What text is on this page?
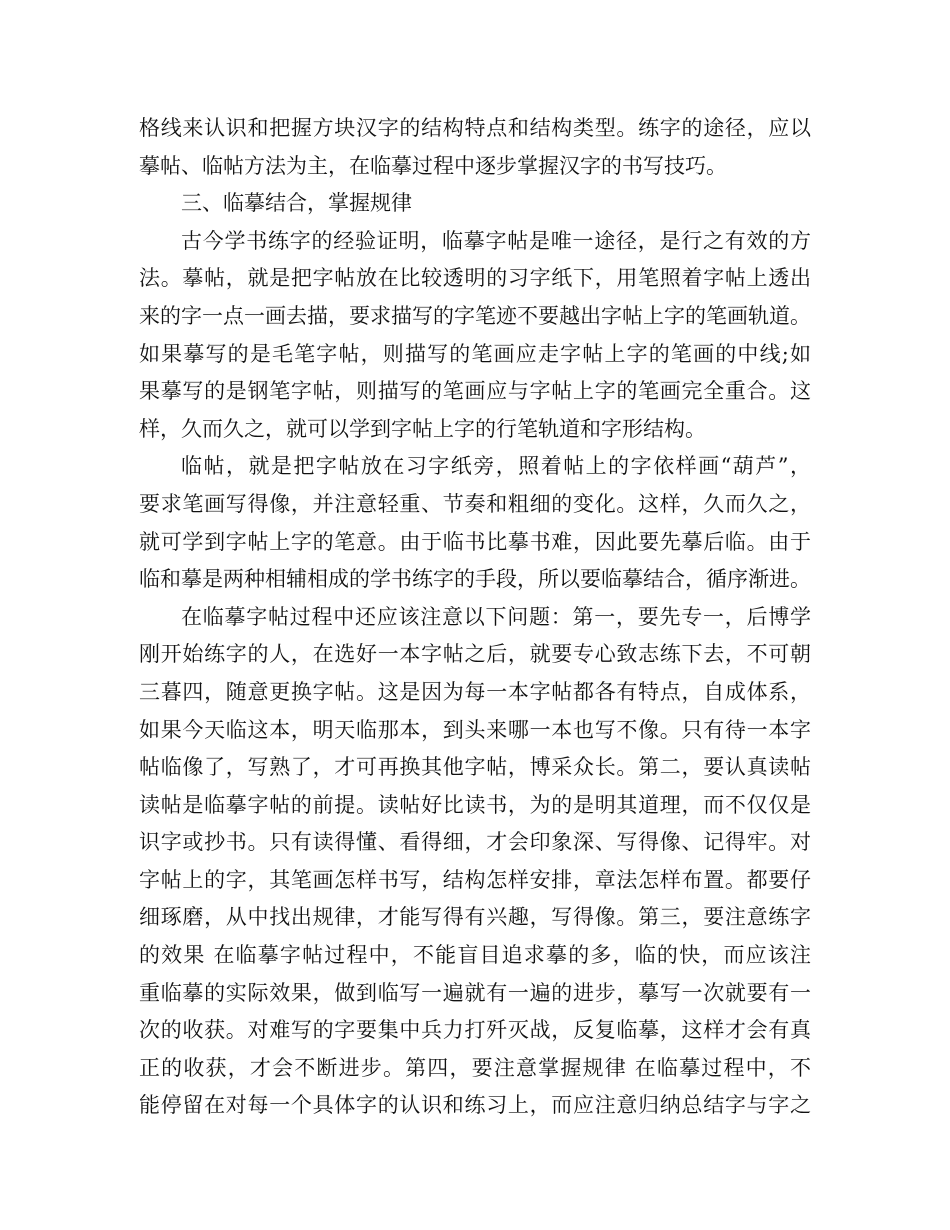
格线来认识和把握方块汉字的结构特点和结构类型。练字的途径，应以
摹帖、临帖方法为主，在临摹过程中逐步掌握汉字的书写技巧。
三、临摹结合，掌握规律
古今学书练字的经验证明，临摹字帖是唯一途径，是行之有效的方
法。摹帖，就是把字帖放在比较透明的习字纸下，用笔照着字帖上透出
来的字一点一画去描，要求描写的字笔迹不要越出字帖上字的笔画轨道。
如果摹写的是毛笔字帖，则描写的笔画应走字帖上字的笔画的中线;如
果摹写的是钢笔字帖，则描写的笔画应与字帖上字的笔画完全重合。这
样，久而久之，就可以学到字帖上字的行笔轨道和字形结构。
临帖，就是把字帖放在习字纸旁，照着帖上的字依样画“葫芦”，
要求笔画写得像，并注意轻重、节奏和粗细的变化。这样，久而久之，
就可学到字帖上字的笔意。由于临书比摹书难，因此要先摹后临。由于
临和摹是两种相辅相成的学书练字的手段，所以要临摹结合，循序渐进。
在临摹字帖过程中还应该注意以下问题：第一，要先专一，后博学
刚开始练字的人，在选好一本字帖之后，就要专心致志练下去，不可朝
三暮四，随意更换字帖。这是因为每一本字帖都各有特点，自成体系，
如果今天临这本，明天临那本，到头来哪一本也写不像。只有待一本字
帖临像了，写熟了，才可再换其他字帖，博采众长。第二，要认真读帖
读帖是临摹字帖的前提。读帖好比读书，为的是明其道理，而不仅仅是
识字或抄书。只有读得懂、看得细，才会印象深、写得像、记得牢。对
字帖上的字，其笔画怎样书写，结构怎样安排，章法怎样布置。都要仔
细琢磨，从中找出规律，才能写得有兴趣，写得像。第三，要注意练字
的效果 在临摹字帖过程中，不能盲目追求摹的多，临的快，而应该注
重临摹的实际效果，做到临写一遍就有一遍的进步，摹写一次就要有一
次的收获。对难写的字要集中兵力打歼灭战，反复临摹，这样才会有真
正的收获，才会不断进步。第四，要注意掌握规律 在临摹过程中，不
能停留在对每一个具体字的认识和练习上，而应注意归纳总结字与字之
